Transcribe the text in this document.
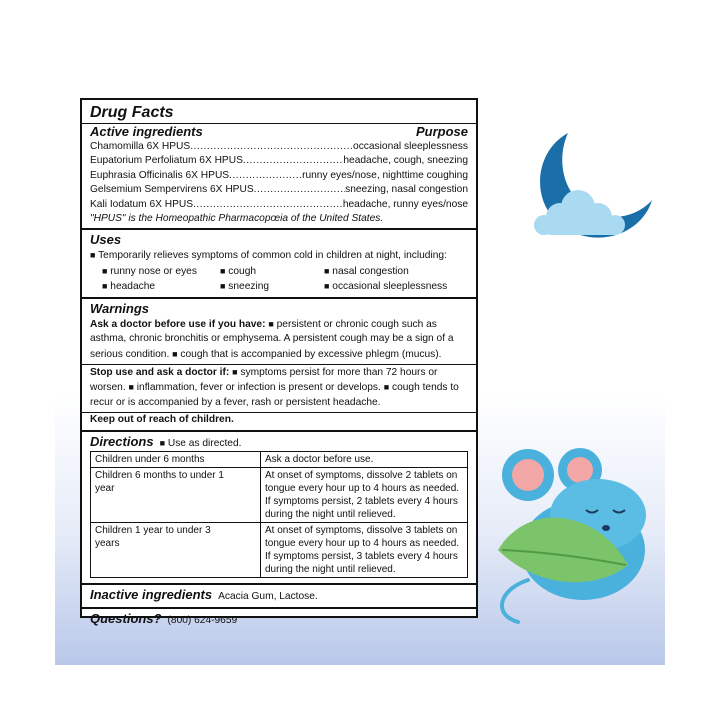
Drug Facts
Active ingredients	Purpose
Chamomilla 6X HPUS .....	occasional sleeplessness
Eupatorium Perfoliatum 6X HPUS .....	headache, cough, sneezing
Euphrasia Officinalis 6X HPUS .....	runny eyes/nose, nighttime coughing
Gelsemium Sempervirens 6X HPUS .....	sneezing, nasal congestion
Kali Iodatum 6X HPUS .....	headache, runny eyes/nose
"HPUS" is the Homeopathic Pharmacopœia of the United States.
Uses
■ Temporarily relieves symptoms of common cold in children at night, including:
■ runny nose or eyes	■ cough	■ nasal congestion
■ headache	■ sneezing	■ occasional sleeplessness
Warnings
Ask a doctor before use if you have: ■ persistent or chronic cough such as asthma, chronic bronchitis or emphysema. A persistent cough may be a sign of a serious condition. ■ cough that is accompanied by excessive phlegm (mucus).
Stop use and ask a doctor if: ■ symptoms persist for more than 72 hours or worsen. ■ inflammation, fever or infection is present or develops. ■ cough tends to recur or is accompanied by a fever, rash or persistent headache.
Keep out of reach of children.
Directions ■ Use as directed.
Children under 6 months	Ask a doctor before use.
Children 6 months to under 1 year	At onset of symptoms, dissolve 2 tablets on tongue every hour up to 4 hours as needed. If symptoms persist, 2 tablets every 4 hours during the night until relieved.
Children 1 year to under 3 years	At onset of symptoms, dissolve 3 tablets on tongue every hour up to 4 hours as needed. If symptoms persist, 3 tablets every 4 hours during the night until relieved.
Inactive ingredients Acacia Gum, Lactose.
Questions? (800) 624-9659
